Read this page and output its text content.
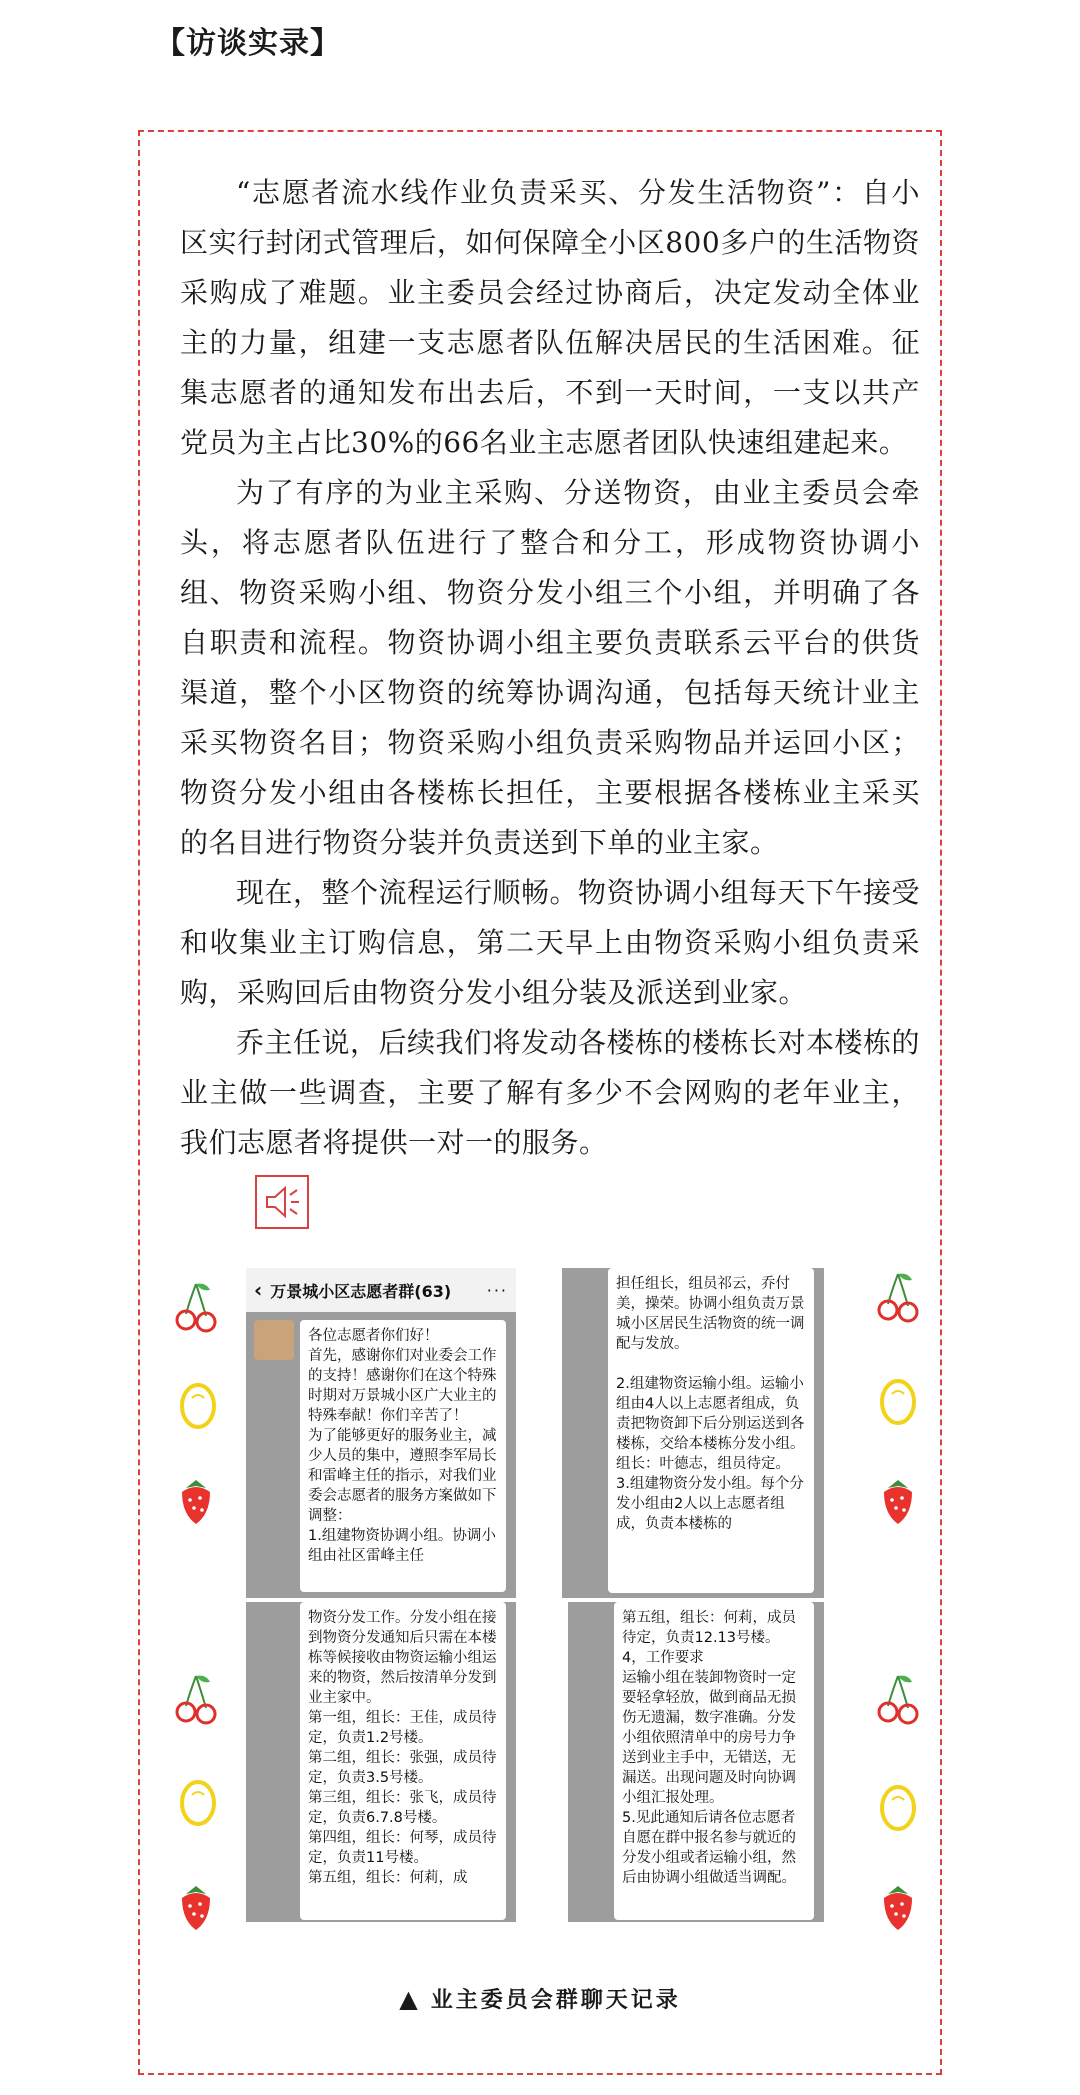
【访谈实录】

“志愿者流水线作业负责采买、分发生活物资”：自小区实行封闭式管理后，如何保障全小区800多户的生活物资采购成了难题。业主委员会经过协商后，决定发动全体业主的力量，组建一支志愿者队伍解决居民的生活困难。征集志愿者的通知发布出去后，不到一天时间，一支以共产党员为主占比30%的66名业主志愿者团队快速组建起来。

为了有序的为业主采购、分送物资，由业主委员会牵头，将志愿者队伍进行了整合和分工，形成物资协调小组、物资采购小组、物资分发小组三个小组，并明确了各自职责和流程。物资协调小组主要负责联系云平台的供货渠道，整个小区物资的统筹协调沟通，包括每天统计业主采买物资名目；物资采购小组负责采购物品并运回小区；物资分发小组由各楼栋长担任，主要根据各楼栋业主采买的名目进行物资分装并负责送到下单的业主家。

现在，整个流程运行顺畅。物资协调小组每天下午接受和收集业主订购信息，第二天早上由物资采购小组负责采购，采购回后由物资分发小组分装及派送到业家。

乔主任说，后续我们将发动各楼栋的楼栋长对本楼栋的业主做一些调查，主要了解有多少不会网购的老年业主，我们志愿者将提供一对一的服务。

‹ 万景城小区志愿者群(63) ···
各位志愿者你们好！
首先，感谢你们对业委会工作的支持！感谢你们在这个特殊时期对万景城小区广大业主的特殊奉献！你们辛苦了！
为了能够更好的服务业主，减少人员的集中，遵照李军局长和雷峰主任的指示，对我们业委会志愿者的服务方案做如下调整：
1.组建物资协调小组。协调小组由社区雷峰主任
担任组长，组员祁云，乔付美，操荣。协调小组负责万景城小区居民生活物资的统一调配与发放。

2.组建物资运输小组。运输小组由4人以上志愿者组成，负责把物资卸下后分别运送到各楼栋，交给本楼栋分发小组。组长：叶德志，组员待定。
3.组建物资分发小组。每个分发小组由2人以上志愿者组成，负责本楼栋的
物资分发工作。分发小组在接到物资分发通知后只需在本楼栋等候接收由物资运输小组运来的物资，然后按清单分发到业主家中。
第一组，组长：王佳，成员待定，负责1.2号楼。
第二组，组长：张强，成员待定，负责3.5号楼。
第三组，组长：张飞，成员待定，负责6.7.8号楼。
第四组，组长：何琴，成员待定，负责11号楼。
第五组，组长：何莉，成
第五组，组长：何莉，成员待定，负责12.13号楼。
4，工作要求
运输小组在装卸物资时一定要轻拿轻放，做到商品无损伤无遗漏，数字准确。分发小组依照清单中的房号力争送到业主手中，无错送，无漏送。出现问题及时向协调小组汇报处理。
5.见此通知后请各位志愿者自愿在群中报名参与就近的分发小组或者运输小组，然后由协调小组做适当调配。
▲ 业主委员会群聊天记录
